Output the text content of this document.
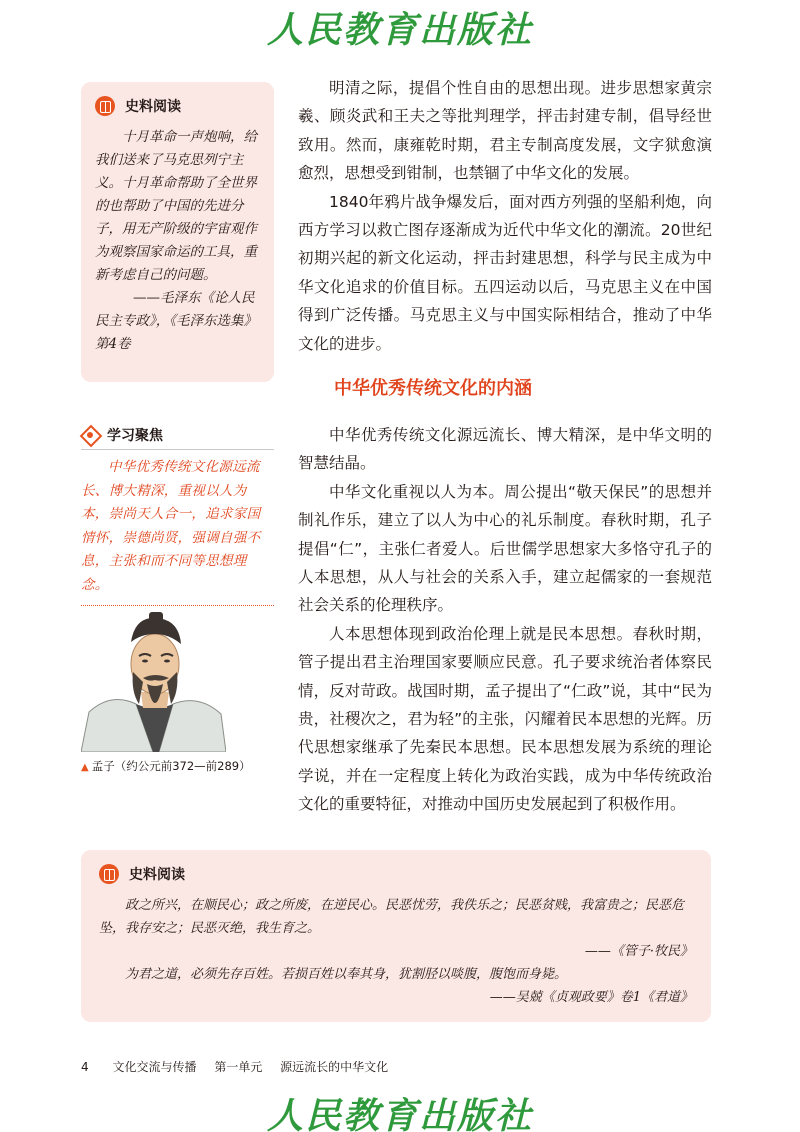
人民教育出版社
史料阅读

十月革命一声炮响，给我们送来了马克思列宁主义。十月革命帮助了全世界的也帮助了中国的先进分子，用无产阶级的宇宙观作为观察国家命运的工具，重新考虑自己的问题。

——毛泽东《论人民
民主专政》，《毛泽东选集》
第4卷
学习聚焦

中华优秀传统文化源远流长、博大精深，重视以人为本，崇尚天人合一，追求家国情怀，崇德尚贤，强调自强不息，主张和而不同等思想理念。

▲ 孟子（约公元前372—前289）

明清之际，提倡个性自由的思想出现。进步思想家黄宗羲、顾炎武和王夫之等批判理学，抨击封建专制，倡导经世致用。然而，康雍乾时期，君主专制高度发展，文字狱愈演愈烈，思想受到钳制，也禁锢了中华文化的发展。

1840年鸦片战争爆发后，面对西方列强的坚船利炮，向西方学习以救亡图存逐渐成为近代中华文化的潮流。20世纪初期兴起的新文化运动，抨击封建思想，科学与民主成为中华文化追求的价值目标。五四运动以后，马克思主义在中国得到广泛传播。马克思主义与中国实际相结合，推动了中华文化的进步。

中华优秀传统文化的内涵

中华优秀传统文化源远流长、博大精深，是中华文明的智慧结晶。

中华文化重视以人为本。周公提出“敬天保民”的思想并制礼作乐，建立了以人为中心的礼乐制度。春秋时期，孔子提倡“仁”，主张仁者爱人。后世儒学思想家大多恪守孔子的人本思想，从人与社会的关系入手，建立起儒家的一套规范社会关系的伦理秩序。

人本思想体现到政治伦理上就是民本思想。春秋时期，管子提出君主治理国家要顺应民意。孔子要求统治者体察民情，反对苛政。战国时期，孟子提出了“仁政”说，其中“民为贵，社稷次之，君为轻”的主张，闪耀着民本思想的光辉。历代思想家继承了先秦民本思想。民本思想发展为系统的理论学说，并在一定程度上转化为政治实践，成为中华传统政治文化的重要特征，对推动中国历史发展起到了积极作用。

史料阅读

政之所兴，在顺民心；政之所废，在逆民心。民恶忧劳，我佚乐之；民恶贫贱，我富贵之；民恶危坠，我存安之；民恶灭绝，我生育之。

——《管子·牧民》

为君之道，必须先存百姓。若损百姓以奉其身，犹割胫以啖腹，腹饱而身毙。

——吴兢《贞观政要》卷1《君道》

4 文化交流与传播 第一单元 源远流长的中华文化
人民教育出版社
